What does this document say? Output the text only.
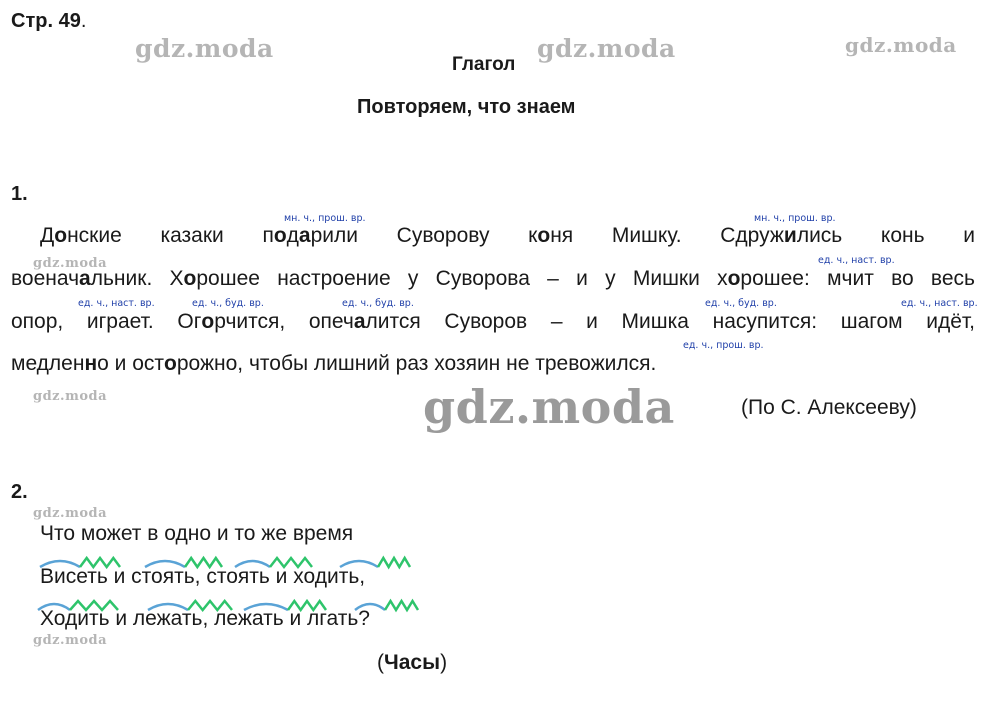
Стр. 49.
Глагол
Повторяем, что знаем
gdz.moda	gdz.moda	gdz.moda
gdz.moda
gdz.moda	gdz.moda
gdz.moda
gdz.moda
1.
мн. ч., прош. вр.	мн. ч., прош. вр.
ед. ч., наст. вр.
ед. ч., наст. вр.	ед. ч., буд. вр.	ед. ч., буд. вр.	ед. ч., буд. вр.	ед. ч., наст. вр.
ед. ч., прош. вр.
Донские казаки подарили Суворову коня Мишку. Сдружились конь и
военачальник. Хорошее настроение у Суворова – и у Мишки хорошее: мчит во весь
опор, играет. Огорчится, опечалится Суворов – и Мишка насупится: шагом идёт,
медленно и осторожно, чтобы лишний раз хозяин не тревожился.
(По С. Алексееву)
2.
Что может в одно и то же время
Висеть и стоять, стоять и ходить,
Ходить и лежать, лежать и лгать?
(Часы)
